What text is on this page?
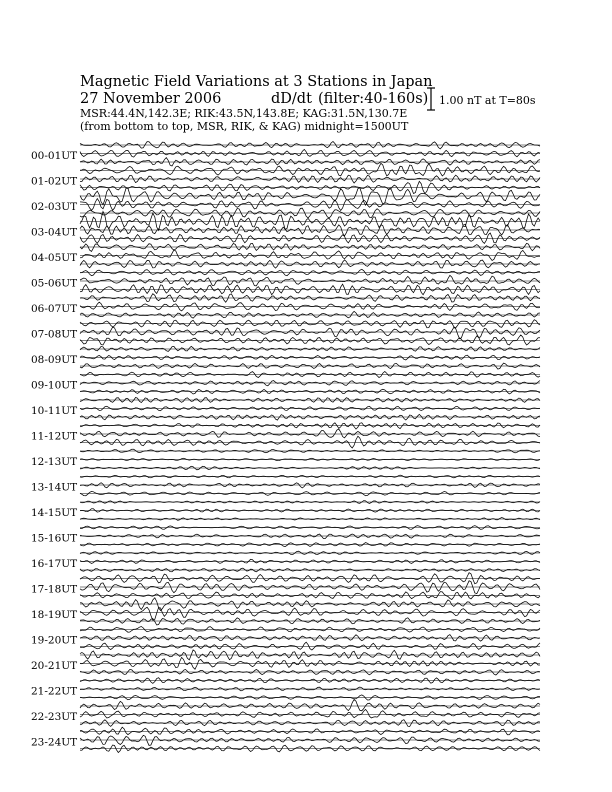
Magnetic Field Variations at 3 Stations in Japan
27 November 2006	dD/dt (filter:40-160s)
MSR:44.4N,142.3E; RIK:43.5N,143.8E; KAG:31.5N,130.7E
(from bottom to top, MSR, RIK, & KAG) midnight=1500UT
1.00 nT at T=80s
00-01UT
01-02UT
02-03UT
03-04UT
04-05UT
05-06UT
06-07UT
07-08UT
08-09UT
09-10UT
10-11UT
11-12UT
12-13UT
13-14UT
14-15UT
15-16UT
16-17UT
17-18UT
18-19UT
19-20UT
20-21UT
21-22UT
22-23UT
23-24UT
